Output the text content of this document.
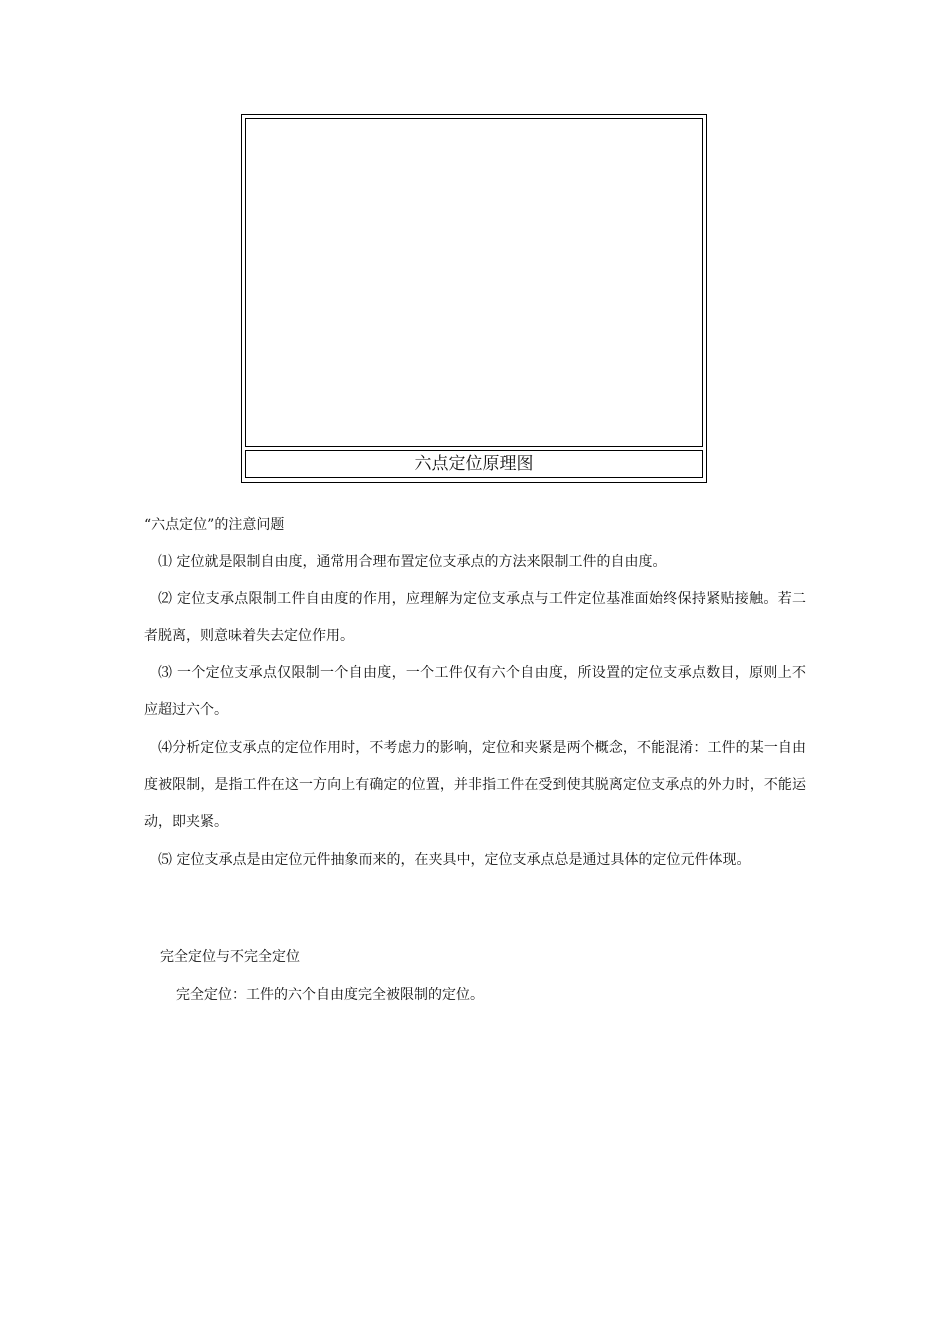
六点定位原理图
“六点定位”的注意问题
⑴ 定位就是限制自由度，通常用合理布置定位支承点的方法来限制工件的自由度。
⑵ 定位支承点限制工件自由度的作用，应理解为定位支承点与工件定位基准面始终保持紧贴接触。若二者脱离，则意味着失去定位作用。
⑶ 一个定位支承点仅限制一个自由度，一个工件仅有六个自由度，所设置的定位支承点数目，原则上不应超过六个。
⑷分析定位支承点的定位作用时，不考虑力的影响，定位和夹紧是两个概念，不能混淆：工件的某一自由度被限制，是指工件在这一方向上有确定的位置，并非指工件在受到使其脱离定位支承点的外力时，不能运动，即夹紧。
⑸ 定位支承点是由定位元件抽象而来的，在夹具中，定位支承点总是通过具体的定位元件体现。
完全定位与不完全定位
完全定位：工件的六个自由度完全被限制的定位。
